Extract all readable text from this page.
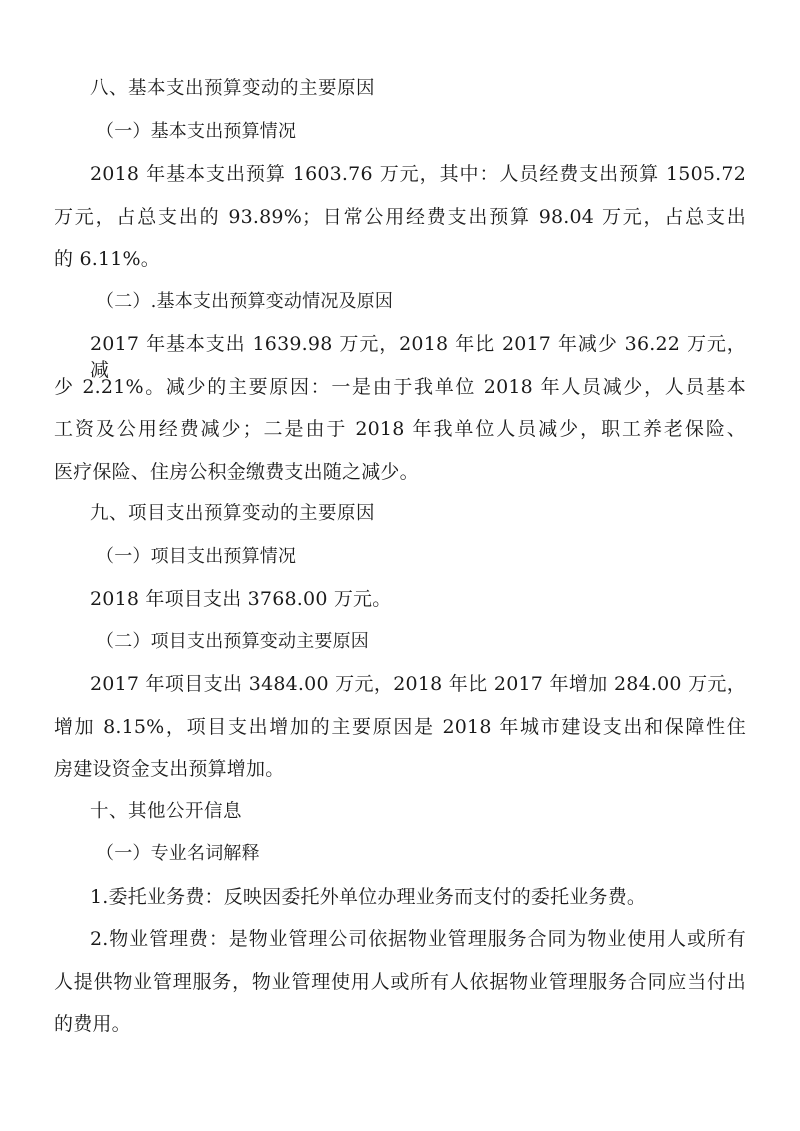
八、基本支出预算变动的主要原因
（一）基本支出预算情况
2018 年基本支出预算 1603.76 万元，其中：人员经费支出预算 1505.72
万元，占总支出的 93.89%；日常公用经费支出预算 98.04 万元，占总支出
的 6.11%。
（二）.基本支出预算变动情况及原因
2017 年基本支出 1639.98 万元，2018 年比 2017 年减少 36.22 万元，减
少 2.21%。减少的主要原因：一是由于我单位 2018 年人员减少，人员基本
工资及公用经费减少；二是由于 2018 年我单位人员减少，职工养老保险、
医疗保险、住房公积金缴费支出随之减少。
九、项目支出预算变动的主要原因
（一）项目支出预算情况
2018 年项目支出 3768.00 万元。
（二）项目支出预算变动主要原因
2017 年项目支出 3484.00 万元，2018 年比 2017 年增加 284.00 万元，
增加 8.15%，项目支出增加的主要原因是 2018 年城市建设支出和保障性住
房建设资金支出预算增加。
十、其他公开信息
（一）专业名词解释
1.委托业务费：反映因委托外单位办理业务而支付的委托业务费。
2.物业管理费：是物业管理公司依据物业管理服务合同为物业使用人或所有
人提供物业管理服务，物业管理使用人或所有人依据物业管理服务合同应当付出
的费用。
